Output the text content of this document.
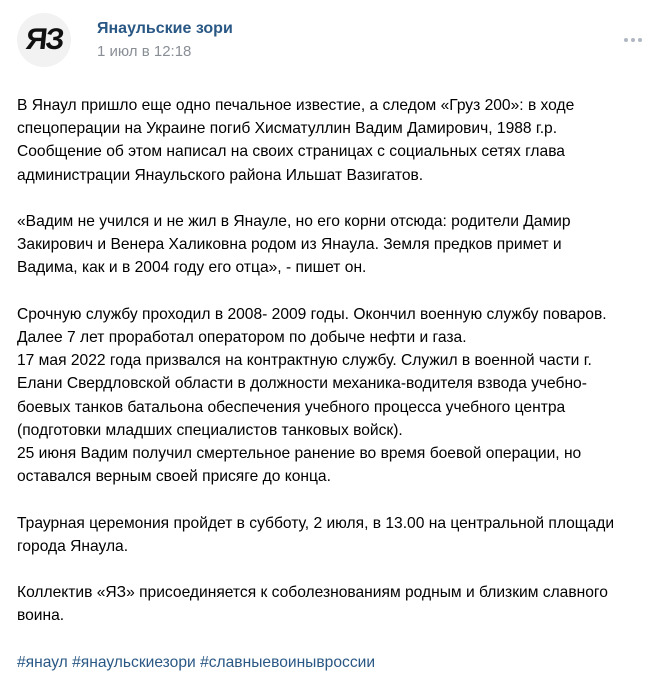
ЯЗ Янаульские зори
1 июл в 12:18

В Янаул пришло еще одно печальное известие, а следом «Груз 200»: в ходе
спецоперации на Украине погиб Хисматуллин Вадим Дамирович, 1988 г.р.
Сообщение об этом написал на своих страницах с социальных сетях глава
администрации Янаульского района Ильшат Вазигатов.

«Вадим не учился и не жил в Янауле, но его корни отсюда: родители Дамир
Закирович и Венера Халиковна родом из Янаула. Земля предков примет и
Вадима, как и в 2004 году его отца», - пишет он.

Срочную службу проходил в 2008- 2009 годы. Окончил военную службу поваров.
Далее 7 лет проработал оператором по добыче нефти и газа.
17 мая 2022 года призвался на контрактную службу. Служил в военной части г.
Елани Свердловской области в должности механика-водителя взвода учебно-
боевых танков батальона обеспечения учебного процесса учебного центра
(подготовки младших специалистов танковых войск).
25 июня Вадим получил смертельное ранение во время боевой операции, но
оставался верным своей присяге до конца.

Траурная церемония пройдет в субботу, 2 июля, в 13.00 на центральной площади
города Янаула.

Коллектив «ЯЗ» присоединяется к соболезнованиям родным и близким славного
воина.

#янаул #янаульскиезори #славныевоинывроссии
